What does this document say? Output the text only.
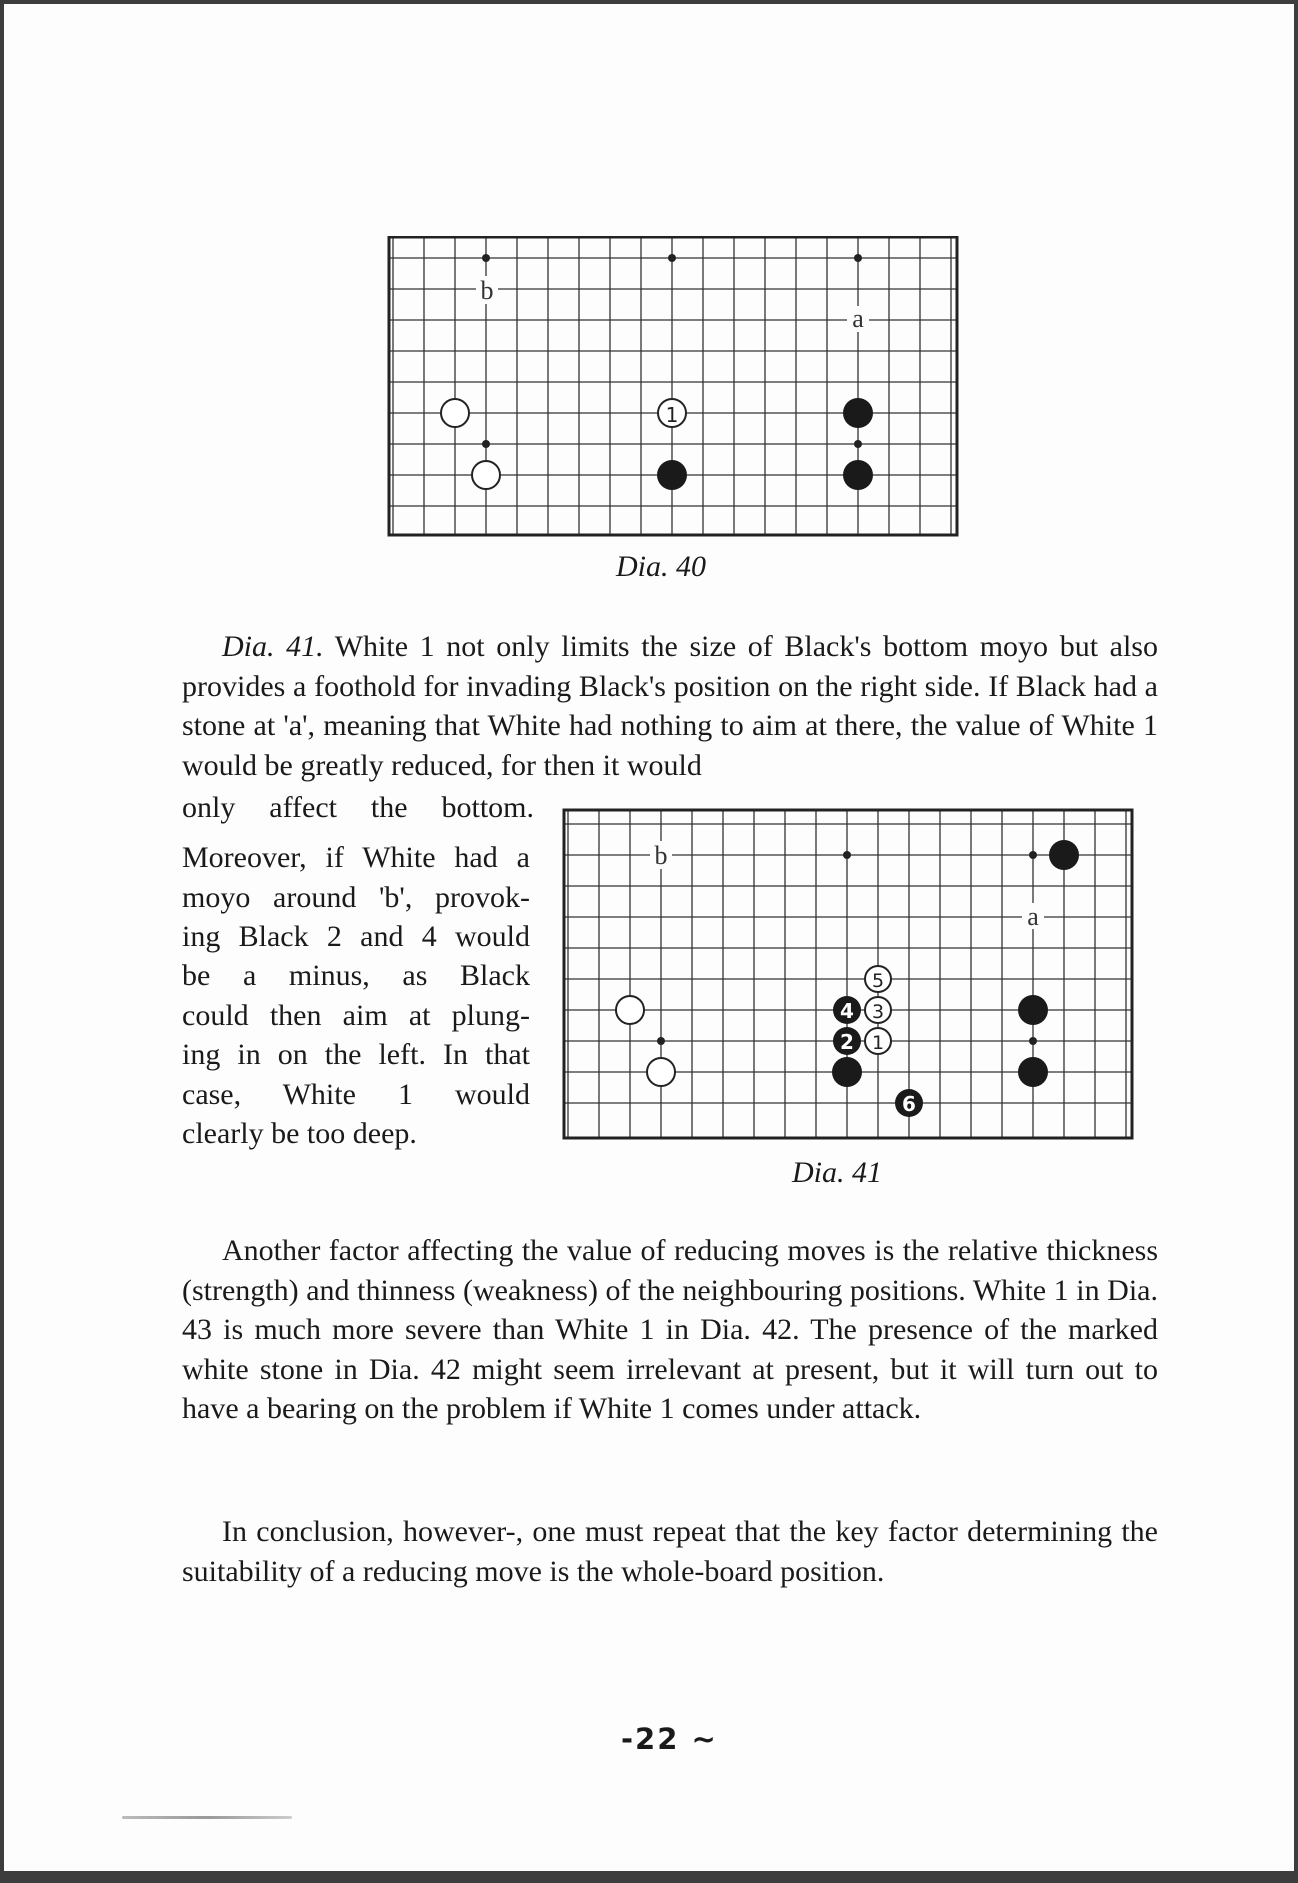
b
a
1
Dia. 40

Dia. 41. White 1 not only limits the size of Black's bottom moyo but also provides a foothold for invading Black's position on the right side. If Black had a stone at 'a', meaning that White had nothing to aim at there, the value of White 1 would be greatly reduced, for then it would

only affect the bottom.
Moreover, if White had a
moyo around 'b', provok-
ing Black 2 and 4 would
be a minus, as Black
could then aim at plung-
ing in on the left. In that
case, White 1 would
clearly be too deep.
b
a
5
4 3
2 1
6
Dia. 41

Another factor affecting the value of reducing moves is the relative thickness (strength) and thinness (weakness) of the neighbouring positions. White 1 in Dia. 43 is much more severe than White 1 in Dia. 42. The presence of the marked white stone in Dia. 42 might seem irrelevant at present, but it will turn out to have a bearing on the problem if White 1 comes under attack.

In conclusion, however-, one must repeat that the key factor determining the suitability of a reducing move is the whole-board position.

-22 ~
